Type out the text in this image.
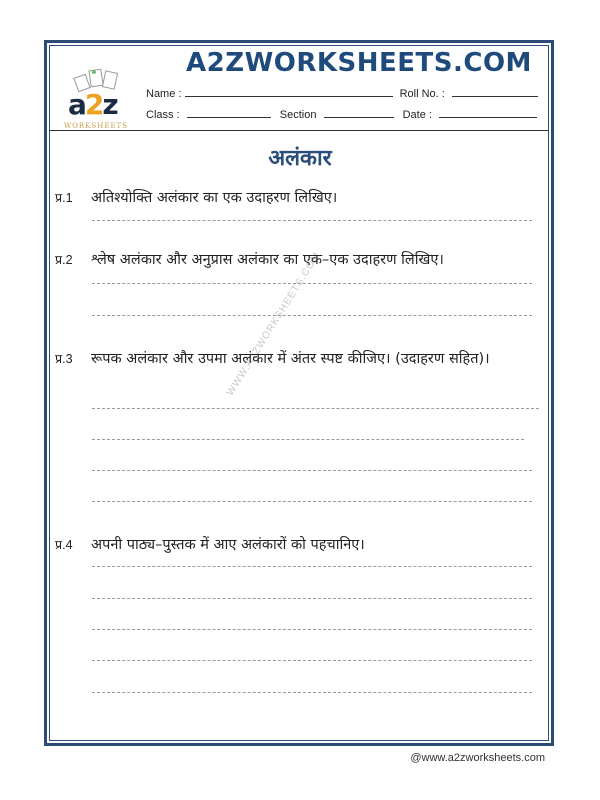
a2z
WORKSHEETS
A2ZWORKSHEETS.COM
Name :	Roll No. :
Class :	Section	Date :
अलंकार
WWW.A2ZWORKSHEETS.COM
प्र.1	अतिश्योक्ति अलंकार का एक उदाहरण लिखिए।
प्र.2	श्लेष अलंकार और अनुप्रास अलंकार का एक–एक उदाहरण लिखिए।
प्र.3	रूपक अलंकार और उपमा अलंकार में अंतर स्पष्ट कीजिए। (उदाहरण सहित)।
प्र.4	अपनी पाठ्य–पुस्तक में आए अलंकारों को पहचानिए।
@www.a2zworksheets.com
